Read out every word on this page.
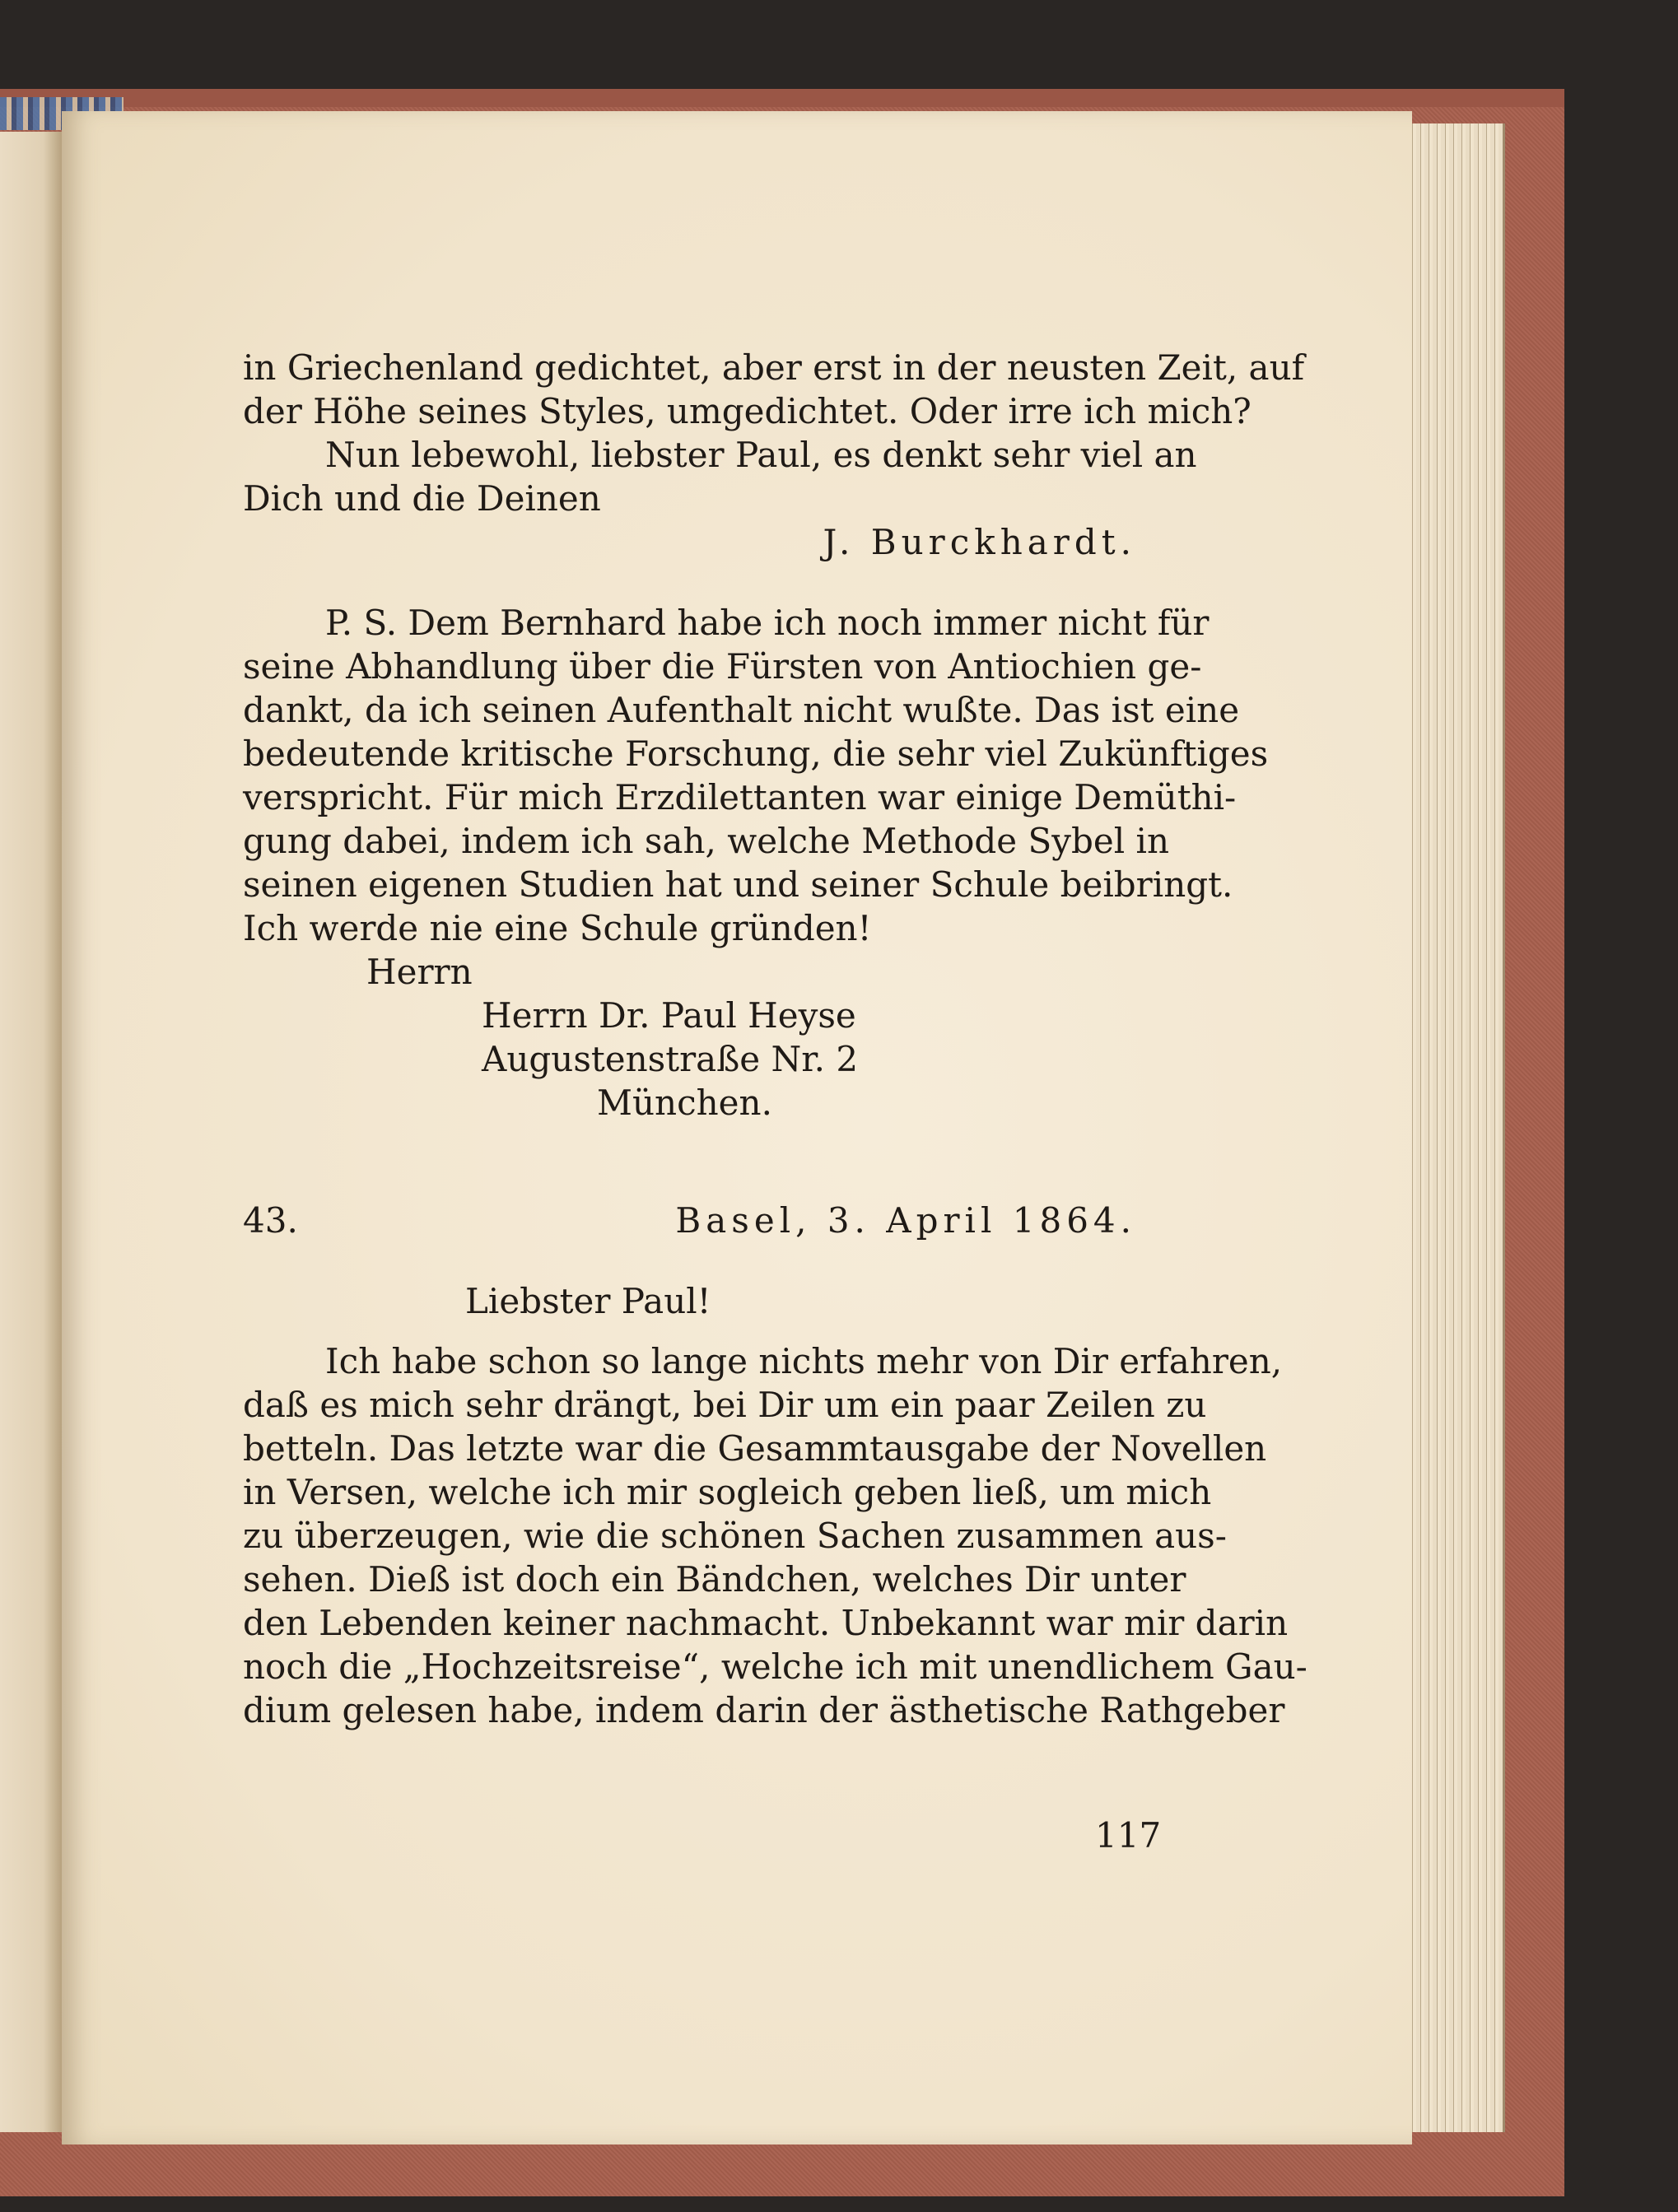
in Griechenland gedichtet, aber erst in der neusten Zeit, auf
der Höhe seines Styles, umgedichtet. Oder irre ich mich?
Nun lebewohl, liebster Paul, es denkt sehr viel an
Dich und die Deinen
J. Burckhardt.
P. S. Dem Bernhard habe ich noch immer nicht für
seine Abhandlung über die Fürsten von Antiochien ge-
dankt, da ich seinen Aufenthalt nicht wußte. Das ist eine
bedeutende kritische Forschung, die sehr viel Zukünftiges
verspricht. Für mich Erzdilettanten war einige Demüthi-
gung dabei, indem ich sah, welche Methode Sybel in
seinen eigenen Studien hat und seiner Schule beibringt.
Ich werde nie eine Schule gründen!
Herrn
Herrn Dr. Paul Heyse
Augustenstraße Nr. 2
München.
43.	Basel, 3. April 1864.
Liebster Paul!
Ich habe schon so lange nichts mehr von Dir erfahren,
daß es mich sehr drängt, bei Dir um ein paar Zeilen zu
betteln. Das letzte war die Gesammtausgabe der Novellen
in Versen, welche ich mir sogleich geben ließ, um mich
zu überzeugen, wie die schönen Sachen zusammen aus-
sehen. Dieß ist doch ein Bändchen, welches Dir unter
den Lebenden keiner nachmacht. Unbekannt war mir darin
noch die „Hochzeitsreise“, welche ich mit unendlichem Gau-
dium gelesen habe, indem darin der ästhetische Rathgeber
117
